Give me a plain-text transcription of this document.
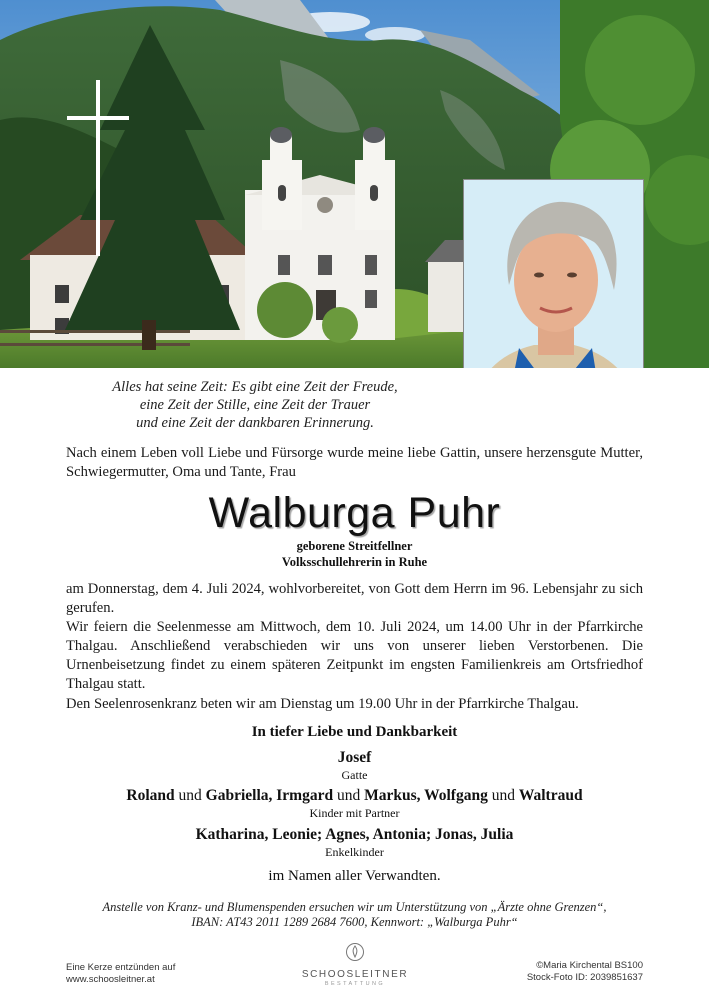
Alles hat seine Zeit: Es gibt eine Zeit der Freude,
eine Zeit der Stille, eine Zeit der Trauer
und eine Zeit der dankbaren Erinnerung.
Nach einem Leben voll Liebe und Fürsorge wurde meine liebe Gattin, unsere herzensgute Mutter, Schwiegermutter, Oma und Tante, Frau
Walburga Puhr
geborene Streitfellner
Volksschullehrerin in Ruhe
am Donnerstag, dem 4. Juli 2024, wohlvorbereitet, von Gott dem Herrn im 96. Lebensjahr zu sich gerufen.
Wir feiern die Seelenmesse am Mittwoch, dem 10. Juli 2024, um 14.00 Uhr in der Pfarrkirche Thalgau. Anschließend verabschieden wir uns von unserer lieben Verstorbenen. Die Urnenbeisetzung findet zu einem späteren Zeitpunkt im engsten Familienkreis am Ortsfriedhof Thalgau statt.
Den Seelenrosenkranz beten wir am Dienstag um 19.00 Uhr in der Pfarrkirche Thalgau.
In tiefer Liebe und Dankbarkeit
Josef
Gatte
Roland und Gabriella, Irmgard und Markus, Wolfgang und Waltraud
Kinder mit Partner
Katharina, Leonie; Agnes, Antonia; Jonas, Julia
Enkelkinder
im Namen aller Verwandten.
Anstelle von Kranz- und Blumenspenden ersuchen wir um Unterstützung von „Ärzte ohne Grenzen“,
IBAN: AT43 2011 1289 2684 7600, Kennwort: „Walburga Puhr“
Eine Kerze entzünden auf
www.schoosleitner.at	SCHOOSLEITNER
BESTATTUNG
©Maria Kirchental BS100
Stock-Foto ID: 2039851637
